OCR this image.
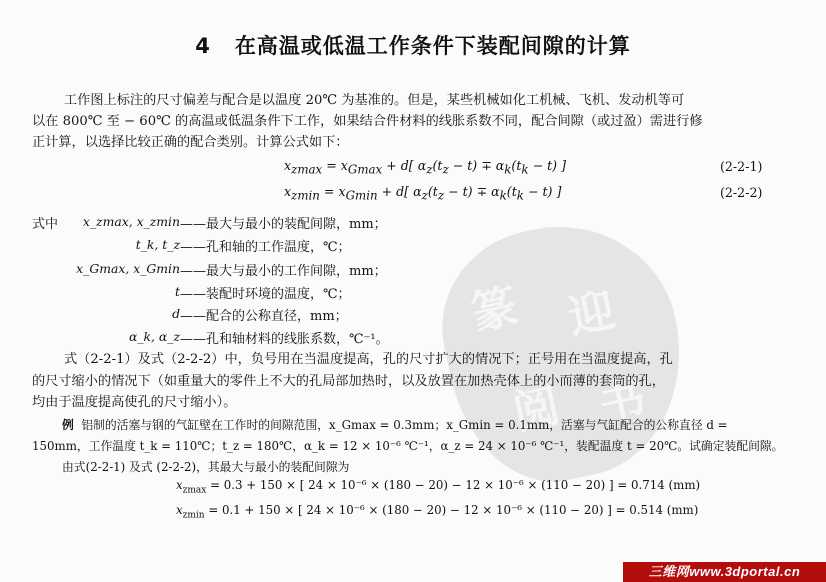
篆 迎
阅 书
4 在高温或低温工作条件下装配间隙的计算
工作图上标注的尺寸偏差与配合是以温度 20℃ 为基准的。但是，某些机械如化工机械、飞机、发动机等可
以在 800℃ 至 − 60℃ 的高温或低温条件下工作，如果结合件材料的线胀系数不同，配合间隙（或过盈）需进行修
正计算，以选择比较正确的配合类别。计算公式如下：
$x_{zmax} = x_{Gmax} + d$[ $\alpha_z(t_z - t) \mp \alpha_k(t_k - t)$ ]	(2-2-1)
$x_{zmin} = x_{Gmin} + d$[ $\alpha_z(t_z - t) \mp \alpha_k(t_k - t)$ ]	(2-2-2)
式中	x_zmax, x_zmin ——最大与最小的装配间隙，mm；
t_k, t_z ——孔和轴的工作温度，℃；
x_Gmax, x_Gmin ——最大与最小的工作间隙，mm；
t ——装配时环境的温度，℃；
d ——配合的公称直径，mm；
α_k, α_z ——孔和轴材料的线胀系数，℃⁻¹。
式（2-2-1）及式（2-2-2）中，负号用在当温度提高，孔的尺寸扩大的情况下；正号用在当温度提高，孔
的尺寸缩小的情况下（如重量大的零件上不大的孔局部加热时，以及放置在加热壳体上的小而薄的套筒的孔，
均由于温度提高使孔的尺寸缩小）。
例 铝制的活塞与钢的气缸壁在工作时的间隙范围，x_Gmax = 0.3mm；x_Gmin = 0.1mm，活塞与气缸配合的公称直径 d =
150mm，工作温度 t_k = 110℃；t_z = 180℃，α_k = 12 × 10⁻⁶ ℃⁻¹，α_z = 24 × 10⁻⁶ ℃⁻¹，装配温度 t = 20℃。试确定装配间隙。
由式(2-2-1) 及式 (2-2-2)，其最大与最小的装配间隙为
$x_{zmax} = 0.3 + 150$ × [ 24 × 10⁻⁶ × (180 − 20) − 12 × 10⁻⁶ × (110 − 20) ] = 0.714 (mm)
$x_{zmin} = 0.1 + 150$ × [ 24 × 10⁻⁶ × (180 − 20) − 12 × 10⁻⁶ × (110 − 20) ] = 0.514 (mm)
三维网www.3dportal.cn
